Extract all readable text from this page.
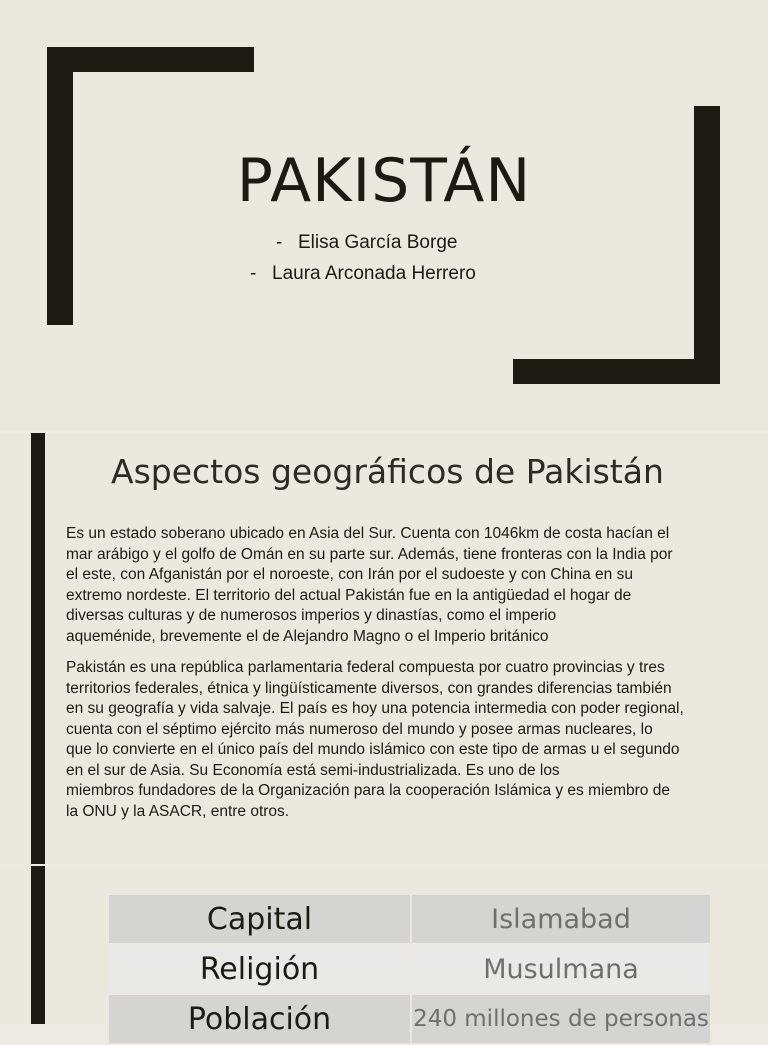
PAKISTÁN
- Elisa García Borge
- Laura Arconada Herrero
Aspectos geográficos de Pakistán

Es un estado soberano ubicado en Asia del Sur. Cuenta con 1046km de costa hacían el

mar arábigo y el golfo de Omán en su parte sur. Además, tiene fronteras con la India por

el este, con Afganistán por el noroeste, con Irán por el sudoeste y con China en su

extremo nordeste. El territorio del actual Pakistán fue en la antigüedad el hogar de

diversas culturas y de numerosos imperios y dinastías, como el imperio

aqueménide, brevemente el de Alejandro Magno o el Imperio británico

Pakistán es una república parlamentaria federal compuesta por cuatro provincias y tres

territorios federales, étnica y lingüísticamente diversos, con grandes diferencias también

en su geografía y vida salvaje. El país es hoy una potencia intermedia con poder regional,

cuenta con el séptimo ejército más numeroso del mundo y posee armas nucleares, lo

que lo convierte en el único país del mundo islámico con este tipo de armas u el segundo

en el sur de Asia. Su Economía está semi-industrializada. Es uno de los

miembros fundadores de la Organización para la cooperación Islámica y es miembro de

la ONU y la ASACR, entre otros.

Capital	Islamabad
Religión	Musulmana
Población	240 millones de personas
